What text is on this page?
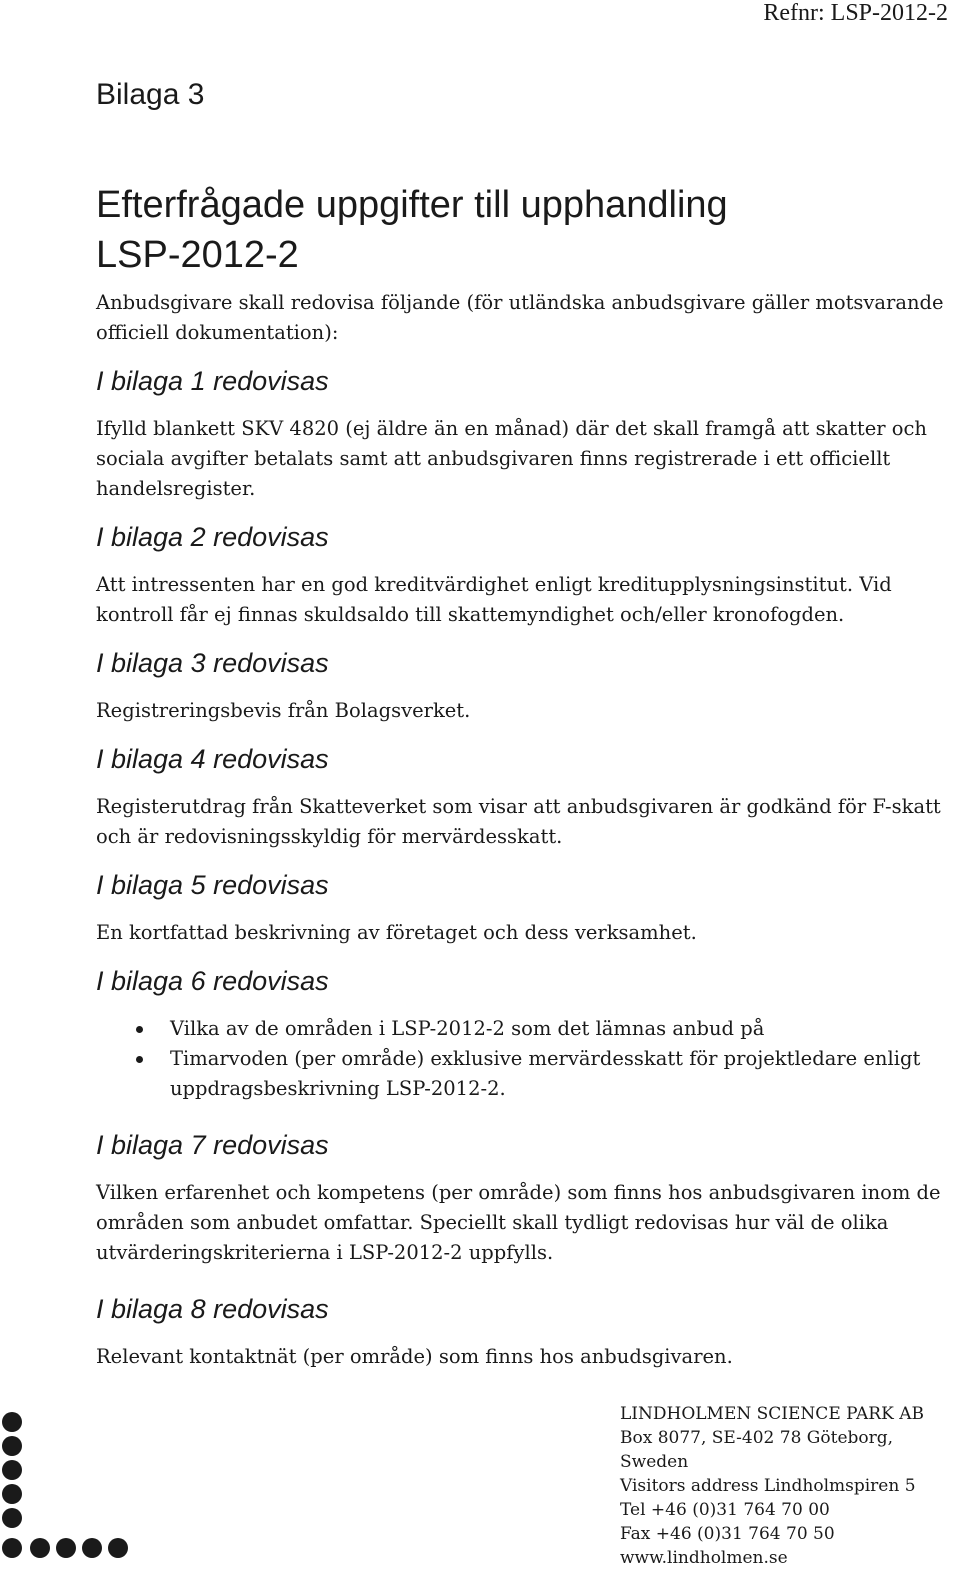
Refnr: LSP-2012-2
Bilaga 3
Efterfrågade uppgifter till upphandling
LSP-2012-2

Anbudsgivare skall redovisa följande (för utländska anbudsgivare gäller motsvarande officiell dokumentation):

I bilaga 1 redovisas

Ifylld blankett SKV 4820 (ej äldre än en månad) där det skall framgå att skatter och sociala avgifter betalats samt att anbudsgivaren finns registrerade i ett officiellt handelsregister.

I bilaga 2 redovisas

Att intressenten har en god kreditvärdighet enligt kreditupplysningsinstitut. Vid kontroll får ej finnas skuldsaldo till skattemyndighet och/eller kronofogden.

I bilaga 3 redovisas

Registreringsbevis från Bolagsverket.

I bilaga 4 redovisas

Registerutdrag från Skatteverket som visar att anbudsgivaren är godkänd för F-skatt och är redovisningsskyldig för mervärdesskatt.

I bilaga 5 redovisas

En kortfattad beskrivning av företaget och dess verksamhet.

I bilaga 6 redovisas
Vilka av de områden i LSP-2012-2 som det lämnas anbud på
Timarvoden (per område) exklusive mervärdesskatt för projektledare enligt uppdragsbeskrivning LSP-2012-2.
I bilaga 7 redovisas

Vilken erfarenhet och kompetens (per område) som finns hos anbudsgivaren inom de områden som anbudet omfattar. Speciellt skall tydligt redovisas hur väl de olika utvärderingskriterierna i LSP-2012-2 uppfylls.

I bilaga 8 redovisas

Relevant kontaktnät (per område) som finns hos anbudsgivaren.

LINDHOLMEN SCIENCE PARK AB
Box 8077, SE-402 78 Göteborg,
Sweden
Visitors address Lindholmspiren 5
Tel +46 (0)31 764 70 00
Fax +46 (0)31 764 70 50
www.lindholmen.se
